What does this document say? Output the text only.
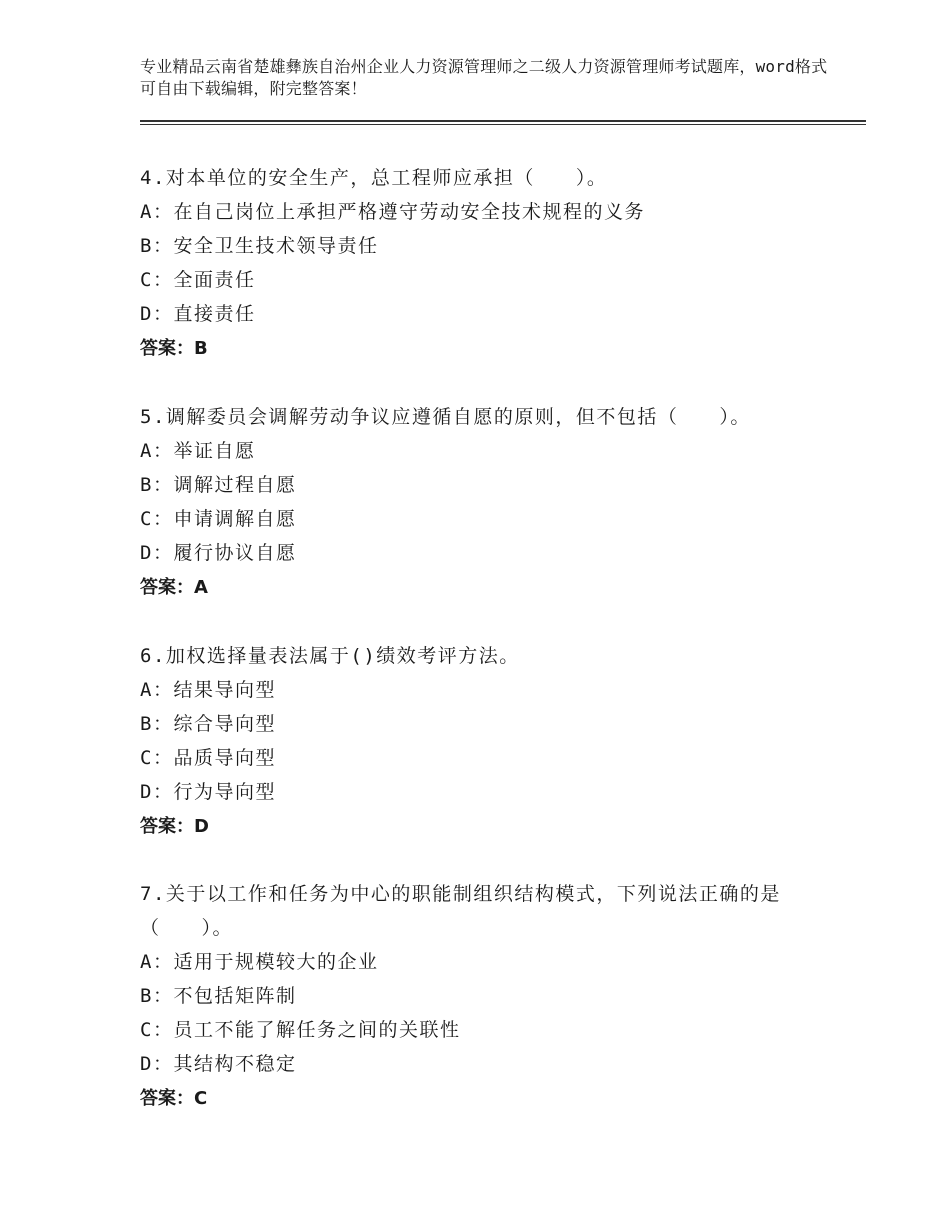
专业精品云南省楚雄彝族自治州企业人力资源管理师之二级人力资源管理师考试题库，word格式可自由下载编辑，附完整答案！

4.对本单位的安全生产，总工程师应承担（　　）。

A：在自己岗位上承担严格遵守劳动安全技术规程的义务

B：安全卫生技术领导责任

C：全面责任

D：直接责任

答案：B

5.调解委员会调解劳动争议应遵循自愿的原则，但不包括（　　）。

A：举证自愿

B：调解过程自愿

C：申请调解自愿

D：履行协议自愿

答案：A

6.加权选择量表法属于()绩效考评方法。

A：结果导向型

B：综合导向型

C：品质导向型

D：行为导向型

答案：D

7.关于以工作和任务为中心的职能制组织结构模式，下列说法正确的是（　　）。

A：适用于规模较大的企业

B：不包括矩阵制

C：员工不能了解任务之间的关联性

D：其结构不稳定

答案：C
